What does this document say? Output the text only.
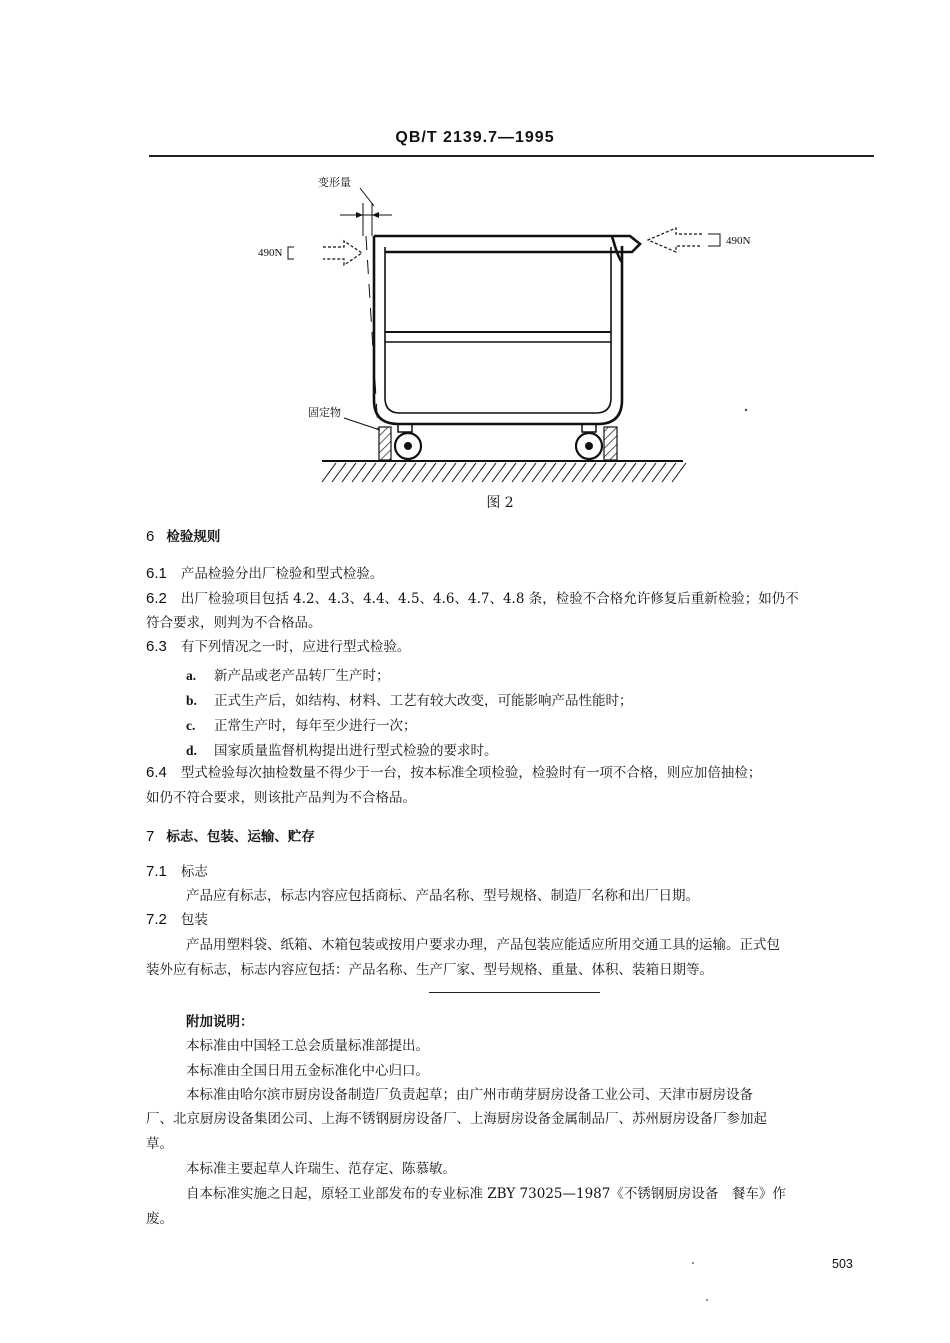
QB/T 2139.7—1995
变形量
490N
490N
固定物
图 2
6 检验规则
6.1 产品检验分出厂检验和型式检验。
6.2 出厂检验项目包括 4.2、4.3、4.4、4.5、4.6、4.7、4.8 条，检验不合格允许修复后重新检验；如仍不
符合要求，则判为不合格品。
6.3 有下列情况之一时，应进行型式检验。
a. 新产品或老产品转厂生产时；
b. 正式生产后，如结构、材料、工艺有较大改变，可能影响产品性能时；
c. 正常生产时，每年至少进行一次；
d. 国家质量监督机构提出进行型式检验的要求时。
6.4 型式检验每次抽检数量不得少于一台，按本标准全项检验，检验时有一项不合格，则应加倍抽检；
如仍不符合要求，则该批产品判为不合格品。
7 标志、包装、运输、贮存
7.1 标志
产品应有标志，标志内容应包括商标、产品名称、型号规格、制造厂名称和出厂日期。
7.2 包装
产品用塑料袋、纸箱、木箱包装或按用户要求办理，产品包装应能适应所用交通工具的运输。正式包
装外应有标志，标志内容应包括：产品名称、生产厂家、型号规格、重量、体积、装箱日期等。
附加说明：
本标准由中国轻工总会质量标准部提出。
本标准由全国日用五金标准化中心归口。
本标准由哈尔滨市厨房设备制造厂负责起草；由广州市萌芽厨房设备工业公司、天津市厨房设备
厂、北京厨房设备集团公司、上海不锈钢厨房设备厂、上海厨房设备金属制品厂、苏州厨房设备厂参加起
草。
本标准主要起草人许瑞生、范存定、陈慕敏。
自本标准实施之日起，原轻工业部发布的专业标准 ZBY 73025—1987《不锈钢厨房设备　餐车》作
废。
503
